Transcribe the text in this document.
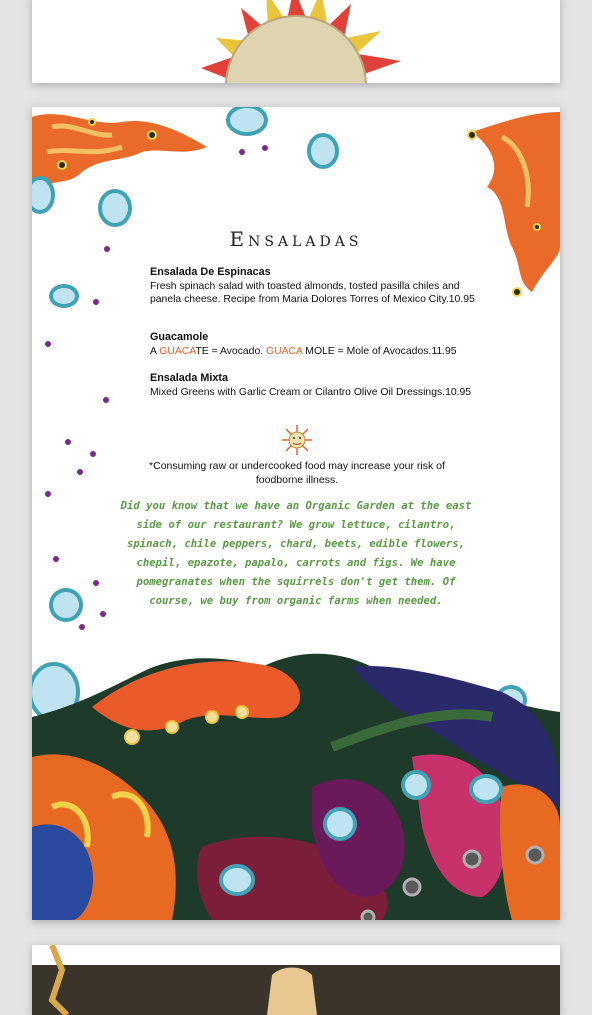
Ensaladas
Ensalada De Espinacas
Fresh spinach salad with toasted almonds, tosted pasilla chiles and panela cheese. Recipe from Maria Dolores Torres of Mexico City.10.95
Guacamole
A GUACATE = Avocado. GUACA MOLE = Mole of Avocados.11.95
Ensalada Mixta
Mixed Greens with Garlic Cream or Cilantro Olive Oil Dressings.10.95
*Consuming raw or undercooked food may increase your risk of foodborne illness.
Did you know that we have an Organic Garden at the east side of our restaurant? We grow lettuce, cilantro, spinach, chile peppers, chard, beets, edible flowers, chepil, epazote, papalo, carrots and figs. We have pomegranates when the squirrels don't get them. Of course, we buy from organic farms when needed.
